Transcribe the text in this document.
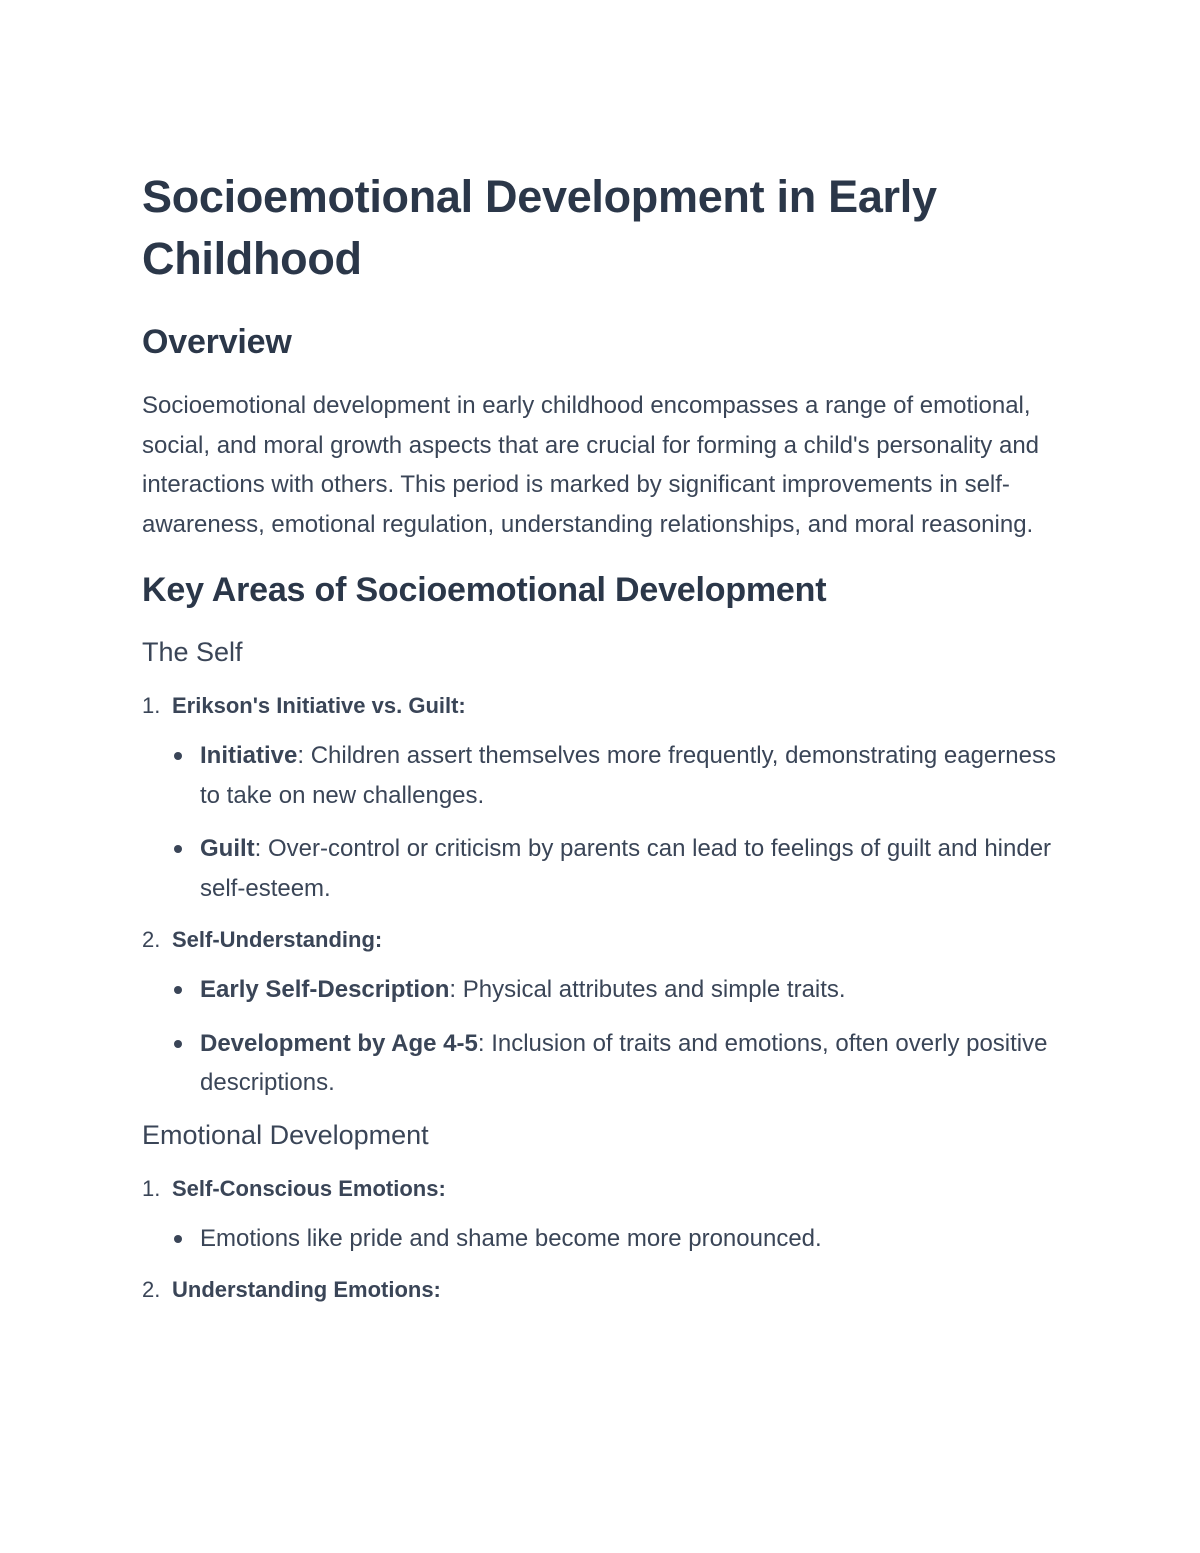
Socioemotional Development in Early Childhood
Overview

Socioemotional development in early childhood encompasses a range of emotional, social, and moral growth aspects that are crucial for forming a child's personality and interactions with others. This period is marked by significant improvements in self-awareness, emotional regulation, understanding relationships, and moral reasoning.

Key Areas of Socioemotional Development
The Self
1. Erikson's Initiative vs. Guilt:
Initiative: Children assert themselves more frequently, demonstrating eagerness to take on new challenges.
Guilt: Over-control or criticism by parents can lead to feelings of guilt and hinder self-esteem.
2. Self-Understanding:
Early Self-Description: Physical attributes and simple traits.
Development by Age 4-5: Inclusion of traits and emotions, often overly positive descriptions.
Emotional Development
1. Self-Conscious Emotions:
Emotions like pride and shame become more pronounced.
2. Understanding Emotions:
